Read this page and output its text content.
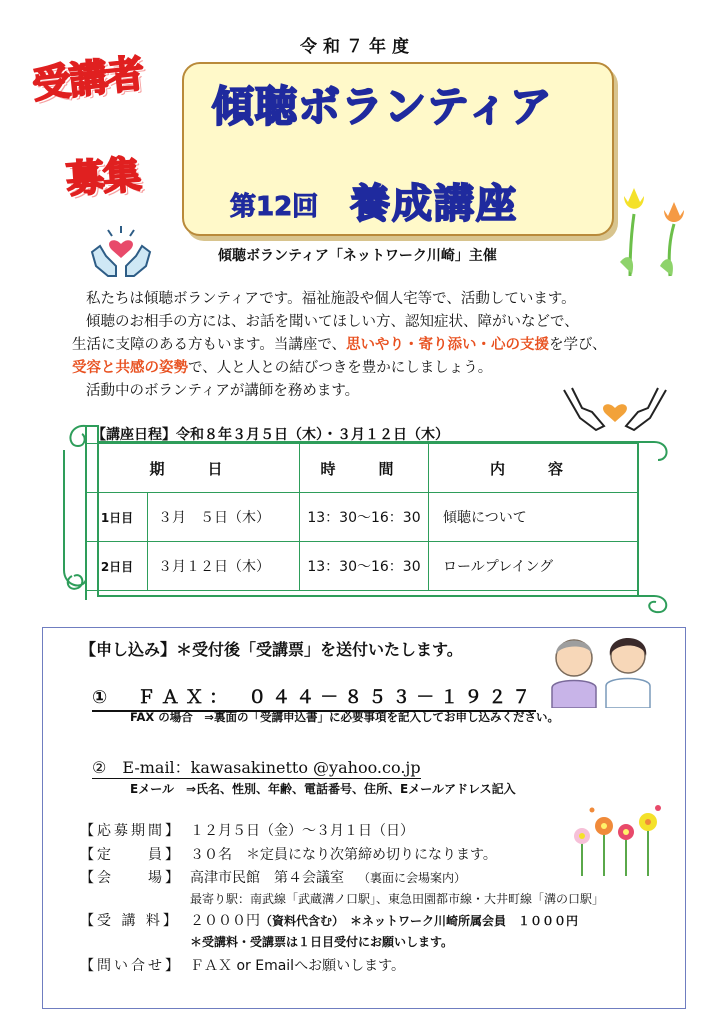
令和７年度
受講者
募集
傾聴ボランティア
第12回 養成講座
傾聴ボランティア「ネットワーク川崎」主催

私たちは傾聴ボランティアです。福祉施設や個人宅等で、活動しています。

傾聴のお相手の方には、お話を聞いてほしい方、認知症状、障がいなどで、

生活に支障のある方もいます。当講座で、思いやり・寄り添い・心の支援を学び、

受容と共感の姿勢で、人と人との結びつきを豊かにしましょう。

活動中のボランティアが講師を務めます。

【講座日程】令和８年３月５日（木）・３月１２日（木）
期　日		時　間	内　容
1日目	３月　５日（木）	13：30〜16：30	傾聴について
2日目	３月１２日（木）	13：30〜16：30	ロールプレイング
【申し込み】＊受付後「受講票」を送付いたします。
①　ＦＡＸ：　０４４－８５３－１９２７
FAX の場合　⇒裏面の「受講申込書」に必要事項を記入してお申し込みください。
②　E-mail：kawasakinetto @yahoo.co.jp
Eメール　⇒氏名、性別、年齢、電話番号、住所、Eメールアドレス記入
【応募期間】 １２月５日（金）～３月１日（日）
【定　　員】 ３０名　＊定員になり次第締め切りになります。
【会　　場】 高津市民館　第４会議室 （裏面に会場案内）
最寄り駅：南武線「武蔵溝ノ口駅」、東急田園都市線・大井町線「溝の口駅」
【受 講 料】 ２０００円（資料代含む）　＊ネットワーク川崎所属会員　１０００円
＊受講料・受講票は１日目受付にお願いします。
【問い合せ】 ＦＡＸ or Emailへお願いします。
